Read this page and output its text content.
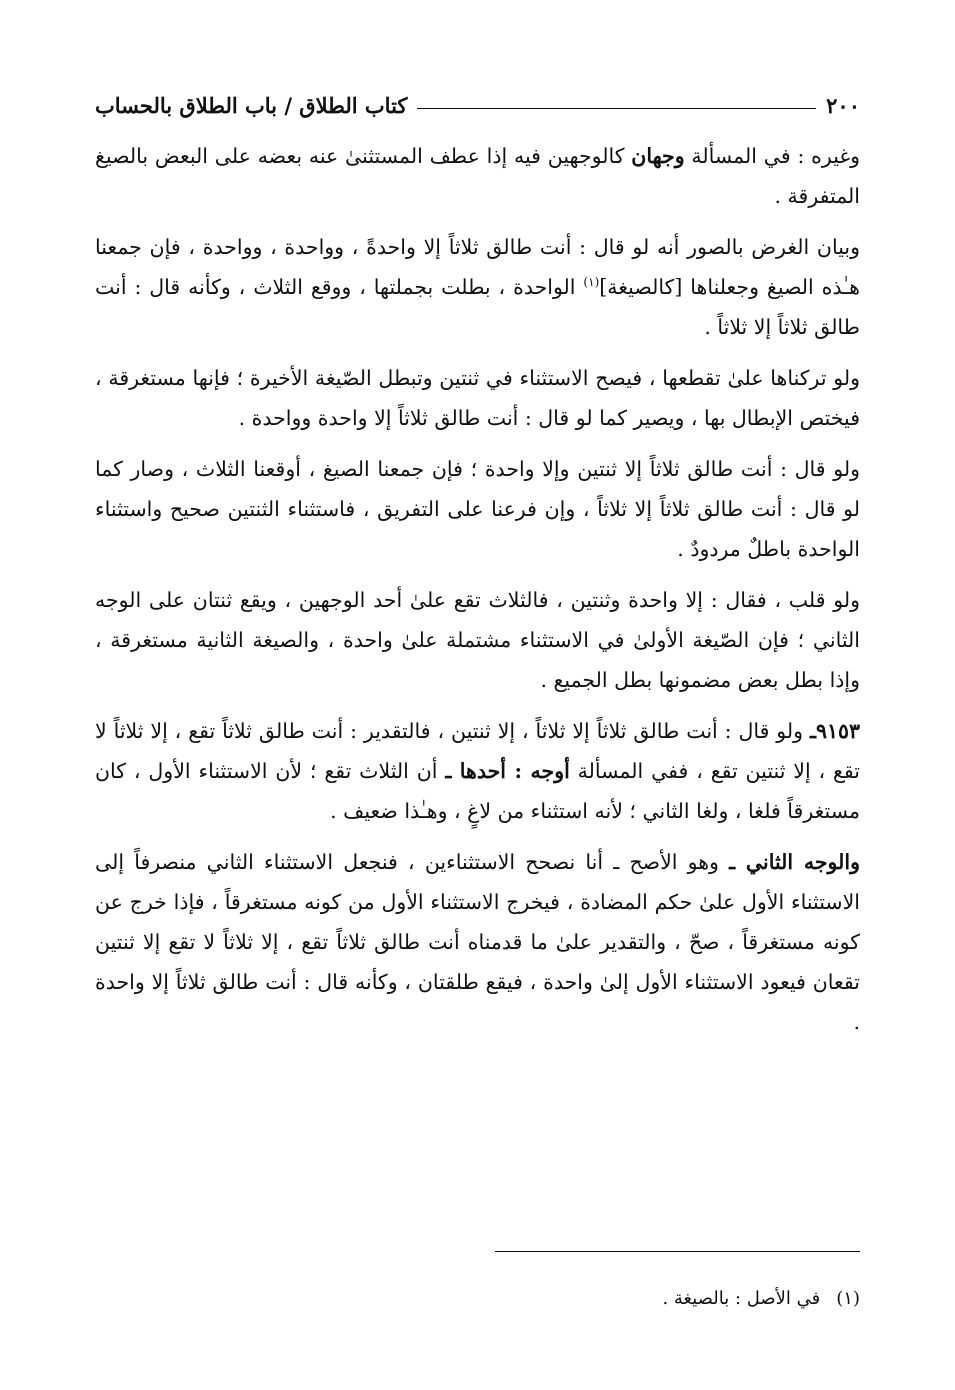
٢٠٠
كتاب الطلاق / باب الطلاق بالحساب

وغيره : في المسألة وجهان كالوجهين فيه إذا عطف المستثنىٰ عنه بعضه على البعض بالصيغ المتفرقة .

وبيان الغرض بالصور أنه لو قال : أنت طالق ثلاثاً إلا واحدةً ، وواحدة ، وواحدة ، فإن جمعنا هـٰذه الصيغ وجعلناها [كالصيغة]$^{(١)}$ الواحدة ، بطلت بجملتها ، ووقع الثلاث ، وكأنه قال : أنت طالق ثلاثاً إلا ثلاثاً .

ولو تركناها علىٰ تقطعها ، فيصح الاستثناء في ثنتين وتبطل الصّيغة الأخيرة ؛ فإنها مستغرقة ، فيختص الإبطال بها ، ويصير كما لو قال : أنت طالق ثلاثاً إلا واحدة وواحدة .

ولو قال : أنت طالق ثلاثاً إلا ثنتين وإلا واحدة ؛ فإن جمعنا الصيغ ، أوقعنا الثلاث ، وصار كما لو قال : أنت طالق ثلاثاً إلا ثلاثاً ، وإن فرعنا على التفريق ، فاستثناء الثنتين صحيح واستثناء الواحدة باطلٌ مردودٌ .

ولو قلب ، فقال : إلا واحدة وثنتين ، فالثلاث تقع علىٰ أحد الوجهين ، ويقع ثنتان على الوجه الثاني ؛ فإن الصّيغة الأولىٰ في الاستثناء مشتملة علىٰ واحدة ، والصيغة الثانية مستغرقة ، وإذا بطل بعض مضمونها بطل الجميع .

٩١٥٣ـ ولو قال : أنت طالق ثلاثاً إلا ثلاثاً ، إلا ثنتين ، فالتقدير : أنت طالق ثلاثاً تقع ، إلا ثلاثاً لا تقع ، إلا ثنتين تقع ، ففي المسألة أوجه : أحدها ـ أن الثلاث تقع ؛ لأن الاستثناء الأول ، كان مستغرقاً فلغا ، ولغا الثاني ؛ لأنه استثناء من لاغٍ ، وهـٰذا ضعيف .

والوجه الثاني ـ وهو الأصح ـ أنا نصحح الاستثناءين ، فنجعل الاستثناء الثاني منصرفاً إلى الاستثناء الأول علىٰ حكم المضادة ، فيخرج الاستثناء الأول من كونه مستغرقاً ، فإذا خرج عن كونه مستغرقاً ، صحّ ، والتقدير علىٰ ما قدمناه أنت طالق ثلاثاً تقع ، إلا ثلاثاً لا تقع إلا ثنتين تقعان فيعود الاستثناء الأول إلىٰ واحدة ، فيقع طلقتان ، وكأنه قال : أنت طالق ثلاثاً إلا واحدة .

(١)
في الأصل : بالصيغة .
